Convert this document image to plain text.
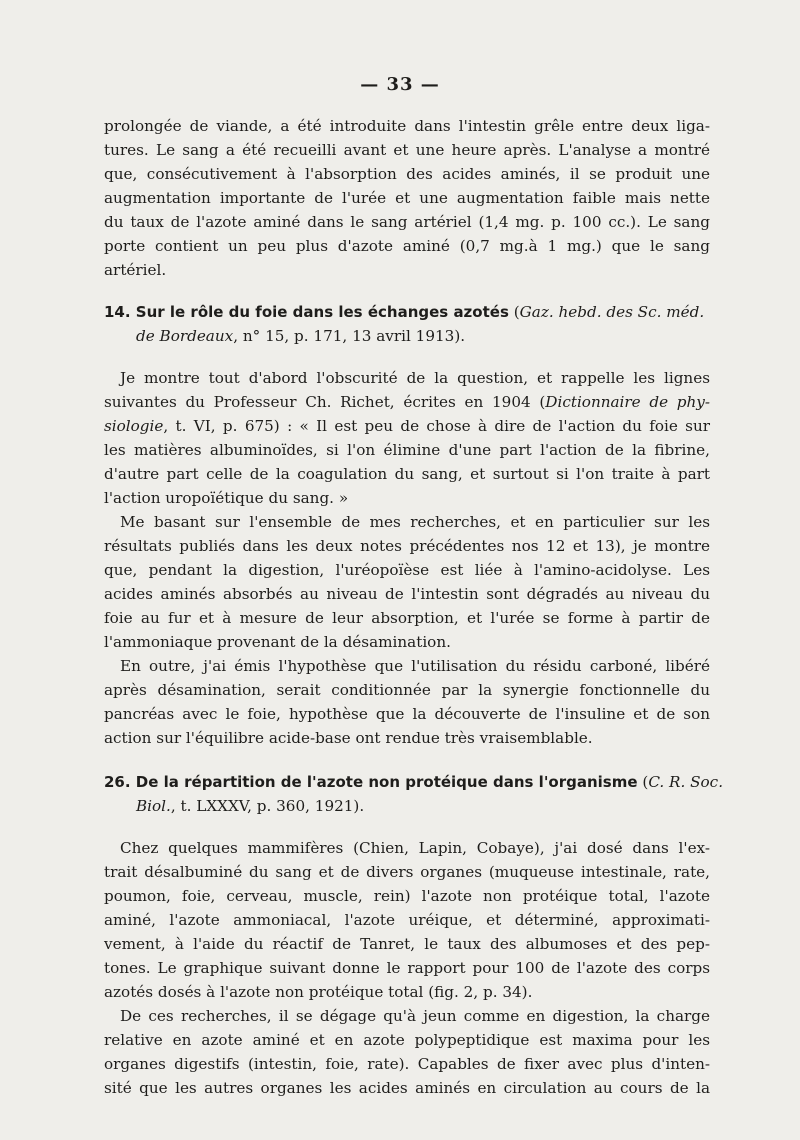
— 33 —
prolongée de viande, a été introduite dans l'intestin grêle entre deux liga-
tures. Le sang a été recueilli avant et une heure après. L'analyse a montré
que, consécutivement à l'absorption des acides aminés, il se produit une
augmentation importante de l'urée et une augmentation faible mais nette
du taux de l'azote aminé dans le sang artériel (1,4 mg. p. 100 cc.). Le sang
porte contient un peu plus d'azote aminé (0,7 mg.à 1 mg.) que le sang
artériel.
14. Sur le rôle du foie dans les échanges azotés (Gaz. hebd. des Sc. méd.
de Bordeaux, n° 15, p. 171, 13 avril 1913).
Je montre tout d'abord l'obscurité de la question, et rappelle les lignes
suivantes du Professeur Ch. Richet, écrites en 1904 (Dictionnaire de phy-
siologie, t. VI, p. 675) : « Il est peu de chose à dire de l'action du foie sur
les matières albuminoïdes, si l'on élimine d'une part l'action de la fibrine,
d'autre part celle de la coagulation du sang, et surtout si l'on traite à part
l'action uropoïétique du sang. »
Me basant sur l'ensemble de mes recherches, et en particulier sur les
résultats publiés dans les deux notes précédentes nos 12 et 13), je montre
que, pendant la digestion, l'uréopoïèse est liée à l'amino-acidolyse. Les
acides aminés absorbés au niveau de l'intestin sont dégradés au niveau du
foie au fur et à mesure de leur absorption, et l'urée se forme à partir de
l'ammoniaque provenant de la désamination.
En outre, j'ai émis l'hypothèse que l'utilisation du résidu carboné, libéré
après désamination, serait conditionnée par la synergie fonctionnelle du
pancréas avec le foie, hypothèse que la découverte de l'insuline et de son
action sur l'équilibre acide-base ont rendue très vraisemblable.
26. De la répartition de l'azote non protéique dans l'organisme (C. R. Soc.
Biol., t. LXXXV, p. 360, 1921).
Chez quelques mammifères (Chien, Lapin, Cobaye), j'ai dosé dans l'ex-
trait désalbuminé du sang et de divers organes (muqueuse intestinale, rate,
poumon, foie, cerveau, muscle, rein) l'azote non protéique total, l'azote
aminé, l'azote ammoniacal, l'azote uréique, et déterminé, approximati-
vement, à l'aide du réactif de Tanret, le taux des albumoses et des pep-
tones. Le graphique suivant donne le rapport pour 100 de l'azote des corps
azotés dosés à l'azote non protéique total (fig. 2, p. 34).
De ces recherches, il se dégage qu'à jeun comme en digestion, la charge
relative en azote aminé et en azote polypeptidique est maxima pour les
organes digestifs (intestin, foie, rate). Capables de fixer avec plus d'inten-
sité que les autres organes les acides aminés en circulation au cours de la
